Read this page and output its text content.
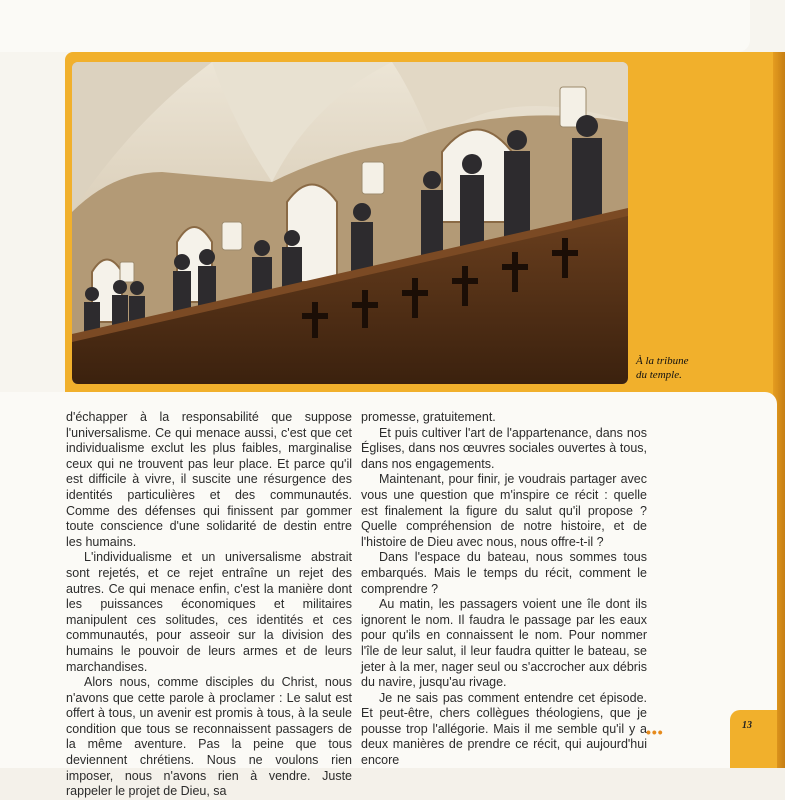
À la tribune
du temple.

d'échapper à la responsabilité que suppose l'universalisme. Ce qui menace aussi, c'est que cet individualisme exclut les plus faibles, marginalise ceux qui ne trouvent pas leur place. Et parce qu'il est difficile à vivre, il suscite une résurgence des identités particulières et des communautés. Comme des défenses qui finissent par gommer toute conscience d'une solidarité de destin entre les humains.

L'individualisme et un universalisme abstrait sont rejetés, et ce rejet entraîne un rejet des autres. Ce qui menace enfin, c'est la manière dont les puissances économiques et militaires manipulent ces solitudes, ces identités et ces communautés, pour asseoir sur la division des humains le pouvoir de leurs armes et de leurs marchandises.

Alors nous, comme disciples du Christ, nous n'avons que cette parole à proclamer : Le salut est offert à tous, un avenir est promis à tous, à la seule condition que tous se reconnaissent passagers de la même aventure. Pas la peine que tous deviennent chrétiens. Nous ne voulons rien imposer, nous n'avons rien à vendre. Juste rappeler le projet de Dieu, sa

promesse, gratuitement.

Et puis cultiver l'art de l'appartenance, dans nos Églises, dans nos œuvres sociales ouvertes à tous, dans nos engagements.

Maintenant, pour finir, je voudrais partager avec vous une question que m'inspire ce récit : quelle est finalement la figure du salut qu'il propose ? Quelle compréhension de notre histoire, et de l'histoire de Dieu avec nous, nous offre-t-il ?

Dans l'espace du bateau, nous sommes tous embarqués. Mais le temps du récit, comment le comprendre ?

Au matin, les passagers voient une île dont ils ignorent le nom. Il faudra le passage par les eaux pour qu'ils en connaissent le nom. Pour nommer l'île de leur salut, il leur faudra quitter le bateau, se jeter à la mer, nager seul ou s'accrocher aux débris du navire, jusqu'au rivage.

Je ne sais pas comment entendre cet épisode. Et peut-être, chers collègues théologiens, que je pousse trop l'allégorie. Mais il me semble qu'il y a deux manières de prendre ce récit, qui aujourd'hui encore

•••	13
